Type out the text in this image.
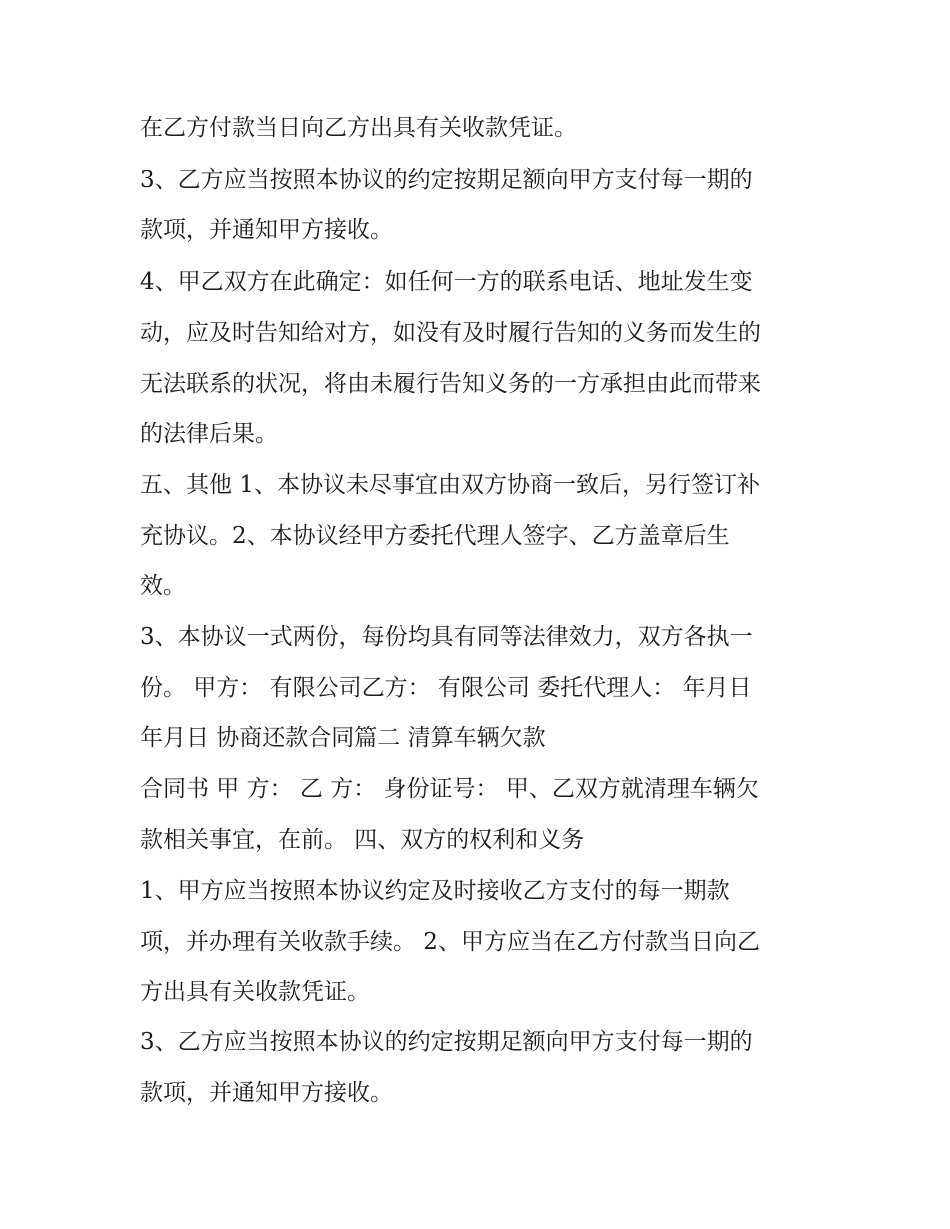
在乙方付款当日向乙方出具有关收款凭证。
3、乙方应当按照本协议的约定按期足额向甲方支付每一期的
款项，并通知甲方接收。
4、甲乙双方在此确定：如任何一方的联系电话、地址发生变
动，应及时告知给对方，如没有及时履行告知的义务而发生的
无法联系的状况，将由未履行告知义务的一方承担由此而带来
的法律后果。
五、其他 1、本协议未尽事宜由双方协商一致后，另行签订补
充协议。2、本协议经甲方委托代理人签字、乙方盖章后生
效。
3、本协议一式两份，每份均具有同等法律效力，双方各执一
份。 甲方： 有限公司乙方： 有限公司 委托代理人： 年月日
年月日 协商还款合同篇二 清算车辆欠款
合同书 甲 方： 乙 方： 身份证号： 甲、乙双方就清理车辆欠
款相关事宜，在前。 四、双方的权利和义务
1、甲方应当按照本协议约定及时接收乙方支付的每一期款
项，并办理有关收款手续。 2、甲方应当在乙方付款当日向乙
方出具有关收款凭证。
3、乙方应当按照本协议的约定按期足额向甲方支付每一期的
款项，并通知甲方接收。
